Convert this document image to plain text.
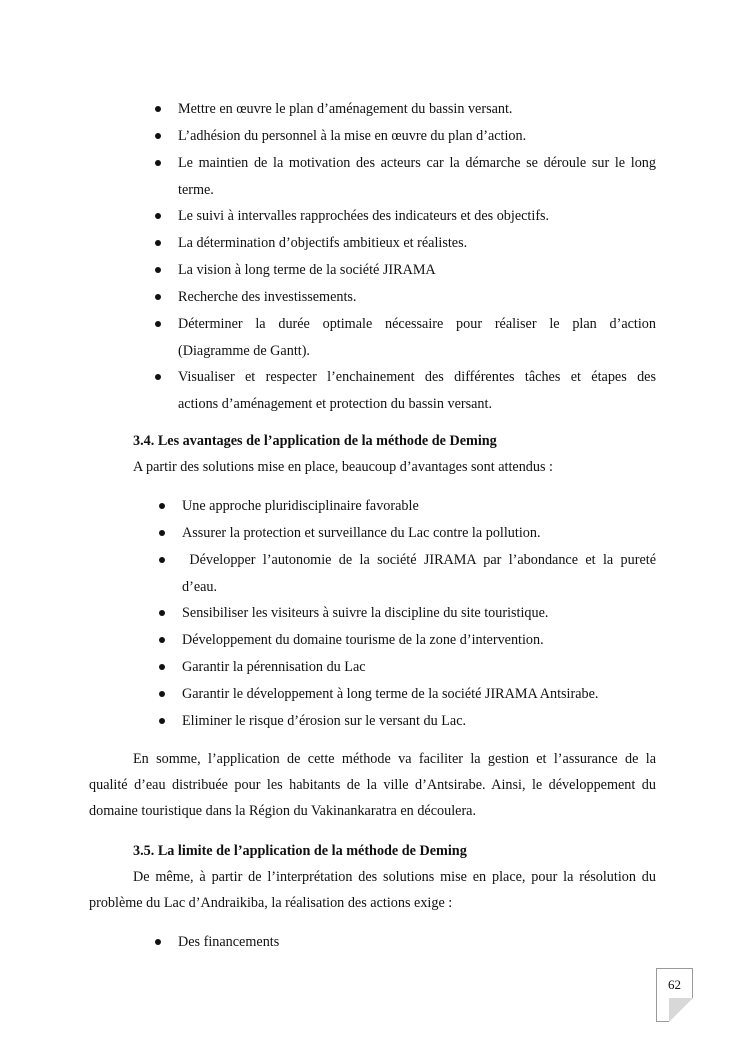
Mettre en œuvre le plan d’aménagement du bassin versant.
L’adhésion du personnel à la mise en œuvre du plan d’action.
Le maintien de la motivation des acteurs car la démarche se déroule sur le long
terme.
Le suivi à intervalles rapprochées des indicateurs et des objectifs.
La détermination d’objectifs ambitieux et réalistes.
La vision à long terme de la société JIRAMA
Recherche des investissements.
Déterminer la durée optimale nécessaire pour réaliser le plan d’action
(Diagramme de Gantt).
Visualiser et respecter l’enchainement des différentes tâches et étapes des
actions d’aménagement et protection du bassin versant.
3.4. Les avantages de l’application de la méthode de Deming
A partir des solutions mise en place, beaucoup d’avantages sont attendus :
Une approche pluridisciplinaire favorable
Assurer la protection et surveillance du Lac contre la pollution.
Développer l’autonomie de la société JIRAMA par l’abondance et la pureté
d’eau.
Sensibiliser les visiteurs à suivre la discipline du site touristique.
Développement du domaine tourisme de la zone d’intervention.
Garantir la pérennisation du Lac
Garantir le développement à long terme de la société JIRAMA Antsirabe.
Eliminer le risque d’érosion sur le versant du Lac.
En somme, l’application de cette méthode va faciliter la gestion et l’assurance de la
qualité d’eau distribuée pour les habitants de la ville d’Antsirabe. Ainsi, le développement du
domaine touristique dans la Région du Vakinankaratra en découlera.
3.5. La limite de l’application de la méthode de Deming
De même, à partir de l’interprétation des solutions mise en place, pour la résolution du
problème du Lac d’Andraikiba, la réalisation des actions exige :
Des financements
62
